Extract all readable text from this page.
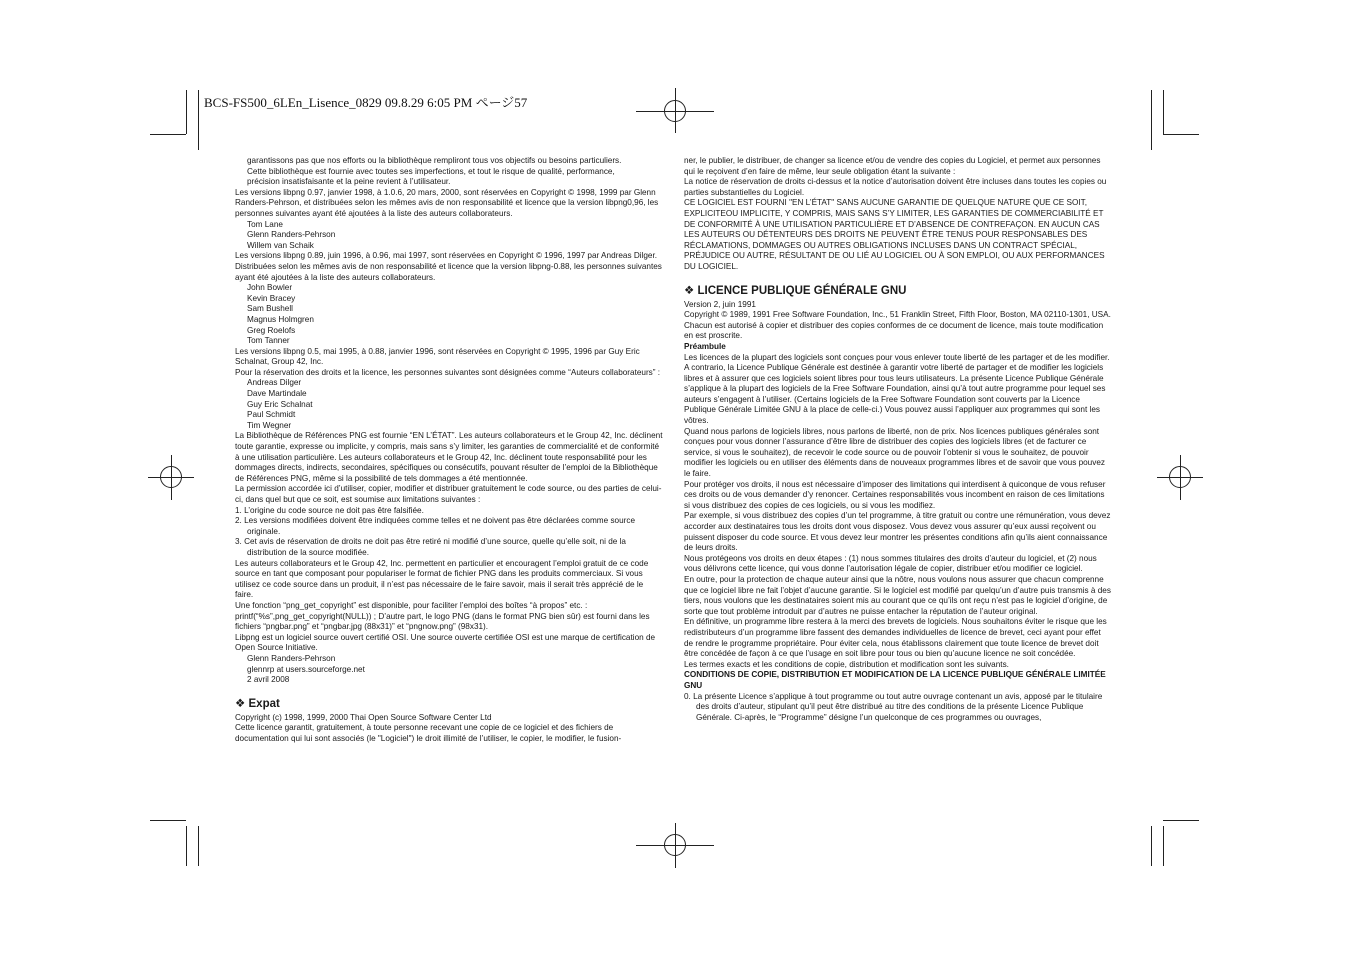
BCS-FS500_6LEn_Lisence_0829 09.8.29 6:05 PM ページ57

garantissons pas que nos efforts ou la bibliothèque rempliront tous vos objectifs ou besoins particuliers.

Cette bibliothèque est fournie avec toutes ses imperfections, et tout le risque de qualité, performance,

précision insatisfaisante et la peine revient à l’utilisateur.

Les versions libpng 0.97, janvier 1998, à 1.0.6, 20 mars, 2000, sont réservées en Copyright © 1998, 1999 par Glenn Randers-Pehrson, et distribuées selon les mêmes avis de non responsabilité et licence que la version libpng0,96, les personnes suivantes ayant été ajoutées à la liste des auteurs collaborateurs.

Tom Lane

Glenn Randers-Pehrson

Willem van Schaik

Les versions libpng 0.89, juin 1996, à 0.96, mai 1997, sont réservées en Copyright © 1996, 1997 par Andreas Dilger. Distribuées selon les mêmes avis de non responsabilité et licence que la version libpng-0.88, les personnes suivantes ayant été ajoutées à la liste des auteurs collaborateurs.

John Bowler

Kevin Bracey

Sam Bushell

Magnus Holmgren

Greg Roelofs

Tom Tanner

Les versions libpng 0.5, mai 1995, à 0.88, janvier 1996, sont réservées en Copyright © 1995, 1996 par Guy Eric Schalnat, Group 42, Inc.

Pour la réservation des droits et la licence, les personnes suivantes sont désignées comme “Auteurs collaborateurs” :

Andreas Dilger

Dave Martindale

Guy Eric Schalnat

Paul Schmidt

Tim Wegner

La Bibliothèque de Références PNG est fournie “EN L’ÉTAT”. Les auteurs collaborateurs et le Group 42, Inc. déclinent toute garantie, expresse ou implicite, y compris, mais sans s’y limiter, les garanties de commercialité et de conformité à une utilisation particulière. Les auteurs collaborateurs et le Group 42, Inc. déclinent toute responsabilité pour les dommages directs, indirects, secondaires, spécifiques ou consécutifs, pouvant résulter de l’emploi de la Bibliothèque de Références PNG, même si la possibilité de tels dommages a été mentionnée.

La permission accordée ici d’utiliser, copier, modifier et distribuer gratuitement le code source, ou des parties de celui-ci, dans quel but que ce soit, est soumise aux limitations suivantes :

1. L’origine du code source ne doit pas être falsifiée.

2. Les versions modifiées doivent être indiquées comme telles et ne doivent pas être déclarées comme source originale.

3. Cet avis de réservation de droits ne doit pas être retiré ni modifié d’une source, quelle qu’elle soit, ni de la distribution de la source modifiée.

Les auteurs collaborateurs et le Group 42, Inc. permettent en particulier et encouragent l’emploi gratuit de ce code source en tant que composant pour populariser le format de fichier PNG dans les produits commerciaux. Si vous utilisez ce code source dans un produit, il n’est pas nécessaire de le faire savoir, mais il serait très apprécié de le faire.

Une fonction “png_get_copyright” est disponible, pour faciliter l’emploi des boîtes “à propos” etc. : printf(“%s”,png_get_copyright(NULL)) ; D’autre part, le logo PNG (dans le format PNG bien sûr) est fourni dans les fichiers “pngbar.png” et “pngbar.jpg (88x31)” et “pngnow.png” (98x31).

Libpng est un logiciel source ouvert certifié OSI. Une source ouverte certifiée OSI est une marque de certification de Open Source Initiative.

Glenn Randers-Pehrson

glennrp at users.sourceforge.net

2 avril 2008

❖ Expat

Copyright (c) 1998, 1999, 2000 Thai Open Source Software Center Ltd

Cette licence garantit, gratuitement, à toute personne recevant une copie de ce logiciel et des fichiers de documentation qui lui sont associés (le "Logiciel") le droit illimité de l’utiliser, le copier, le modifier, le fusion-

ner, le publier, le distribuer, de changer sa licence et/ou de vendre des copies du Logiciel, et permet aux personnes qui le reçoivent d’en faire de même, leur seule obligation étant la suivante :

La notice de réservation de droits ci-dessus et la notice d’autorisation doivent être incluses dans toutes les copies ou parties substantielles du Logiciel.

CE LOGICIEL EST FOURNI "EN L’ÉTAT" SANS AUCUNE GARANTIE DE QUELQUE NATURE QUE CE SOIT, EXPLICITEOU IMPLICITE, Y COMPRIS, MAIS SANS S’Y LIMITER, LES GARANTIES DE COMMERCIABILITÉ ET DE CONFORMITÉ À UNE UTILISATION PARTICULIÈRE ET D’ABSENCE DE CONTREFAÇON. EN AUCUN CAS LES AUTEURS OU DÉTENTEURS DES DROITS NE PEUVENT ÊTRE TENUS POUR RESPONSABLES DES RÉCLAMATIONS, DOMMAGES OU AUTRES OBLIGATIONS INCLUSES DANS UN CONTRACT SPÉCIAL, PRÉJUDICE OU AUTRE, RÉSULTANT DE OU LIÉ AU LOGICIEL OU À SON EMPLOI, OU AUX PERFORMANCES DU LOGICIEL.

❖ LICENCE PUBLIQUE GÉNÉRALE GNU

Version 2, juin 1991

Copyright © 1989, 1991 Free Software Foundation, Inc., 51 Franklin Street, Fifth Floor, Boston, MA 02110-1301, USA.

Chacun est autorisé à copier et distribuer des copies conformes de ce document de licence, mais toute modification en est proscrite.

Préambule

Les licences de la plupart des logiciels sont conçues pour vous enlever toute liberté de les partager et de les modifier. A contrario, la Licence Publique Générale est destinée à garantir votre liberté de partager et de modifier les logiciels libres et à assurer que ces logiciels soient libres pour tous leurs utilisateurs. La présente Licence Publique Générale s’applique à la plupart des logiciels de la Free Software Foundation, ainsi qu’à tout autre programme pour lequel ses auteurs s’engagent à l’utiliser. (Certains logiciels de la Free Software Foundation sont couverts par la Licence Publique Générale Limitée GNU à la place de celle-ci.) Vous pouvez aussi l’appliquer aux programmes qui sont les vôtres.

Quand nous parlons de logiciels libres, nous parlons de liberté, non de prix. Nos licences publiques générales sont conçues pour vous donner l’assurance d’être libre de distribuer des copies des logiciels libres (et de facturer ce service, si vous le souhaitez), de recevoir le code source ou de pouvoir l’obtenir si vous le souhaitez, de pouvoir modifier les logiciels ou en utiliser des éléments dans de nouveaux programmes libres et de savoir que vous pouvez le faire.

Pour protéger vos droits, il nous est nécessaire d’imposer des limitations qui interdisent à quiconque de vous refuser ces droits ou de vous demander d’y renoncer. Certaines responsabilités vous incombent en raison de ces limitations si vous distribuez des copies de ces logiciels, ou si vous les modifiez.

Par exemple, si vous distribuez des copies d’un tel programme, à titre gratuit ou contre une rémunération, vous devez accorder aux destinataires tous les droits dont vous disposez. Vous devez vous assurer qu’eux aussi reçoivent ou puissent disposer du code source. Et vous devez leur montrer les présentes conditions afin qu’ils aient connaissance de leurs droits.

Nous protégeons vos droits en deux étapes : (1) nous sommes titulaires des droits d’auteur du logiciel, et (2) nous vous délivrons cette licence, qui vous donne l’autorisation légale de copier, distribuer et/ou modifier ce logiciel.

En outre, pour la protection de chaque auteur ainsi que la nôtre, nous voulons nous assurer que chacun comprenne que ce logiciel libre ne fait l’objet d’aucune garantie. Si le logiciel est modifié par quelqu’un d’autre puis transmis à des tiers, nous voulons que les destinataires soient mis au courant que ce qu’ils ont reçu n’est pas le logiciel d’origine, de sorte que tout problème introduit par d’autres ne puisse entacher la réputation de l’auteur original.

En définitive, un programme libre restera à la merci des brevets de logiciels. Nous souhaitons éviter le risque que les redistributeurs d’un programme libre fassent des demandes individuelles de licence de brevet, ceci ayant pour effet de rendre le programme propriétaire. Pour éviter cela, nous établissons clairement que toute licence de brevet doit être concédée de façon à ce que l’usage en soit libre pour tous ou bien qu’aucune licence ne soit concédée.

Les termes exacts et les conditions de copie, distribution et modification sont les suivants.

CONDITIONS DE COPIE, DISTRIBUTION ET MODIFICATION DE LA LICENCE PUBLIQUE GÉNÉRALE LIMITÉE GNU

0. La présente Licence s’applique à tout programme ou tout autre ouvrage contenant un avis, apposé par le titulaire des droits d’auteur, stipulant qu’il peut être distribué au titre des conditions de la présente Licence Publique Générale. Ci-après, le “Programme” désigne l’un quelconque de ces programmes ou ouvrages,
